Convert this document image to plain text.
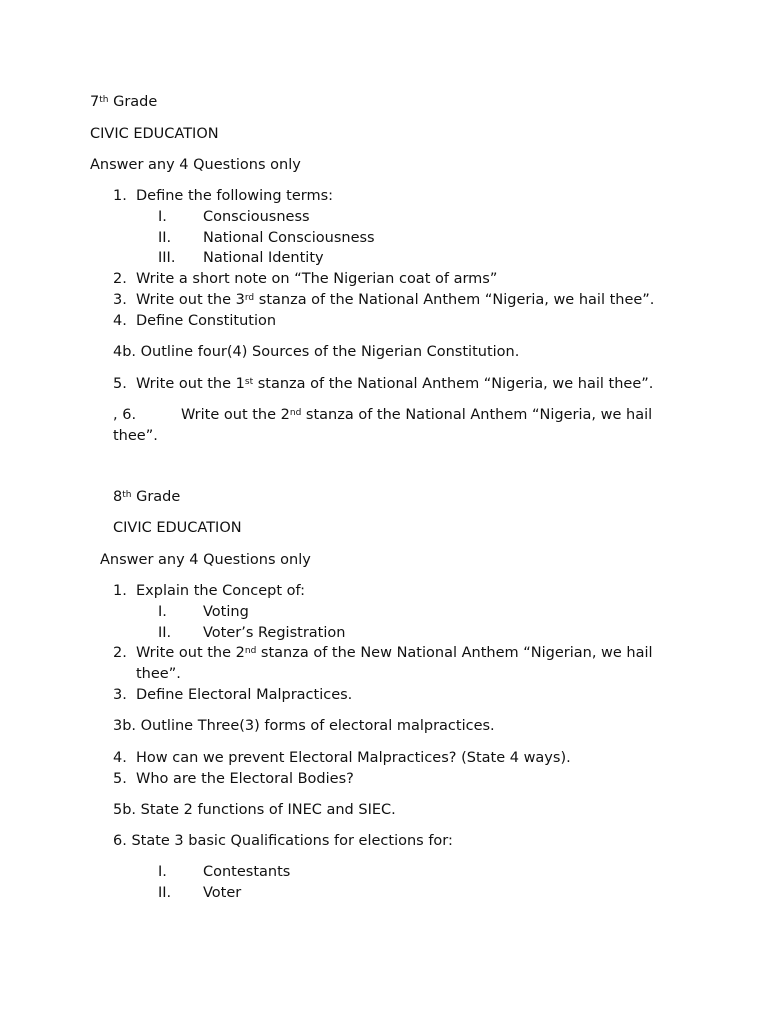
7th Grade
CIVIC EDUCATION
Answer any 4 Questions only
1. Define the following terms:
I. Consciousness
II. National Consciousness
III. National Identity
2. Write a short note on “The Nigerian coat of arms”
3. Write out the 3rd stanza of the National Anthem “Nigeria, we hail thee”.
4. Define Constitution
4b. Outline four(4) Sources of the Nigerian Constitution.
5. Write out the 1st stanza of the National Anthem “Nigeria, we hail thee”.
, 6.	Write out the 2nd stanza of the National Anthem “Nigeria, we hail
thee”.
8th Grade
CIVIC EDUCATION
Answer any 4 Questions only
1. Explain the Concept of:
I. Voting
II. Voter’s Registration
2. Write out the 2nd stanza of the New National Anthem “Nigerian, we hail
thee”.
3. Define Electoral Malpractices.
3b. Outline Three(3) forms of electoral malpractices.
4. How can we prevent Electoral Malpractices? (State 4 ways).
5. Who are the Electoral Bodies?
5b. State 2 functions of INEC and SIEC.
6. State 3 basic Qualifications for elections for:
I. Contestants
II. Voter
